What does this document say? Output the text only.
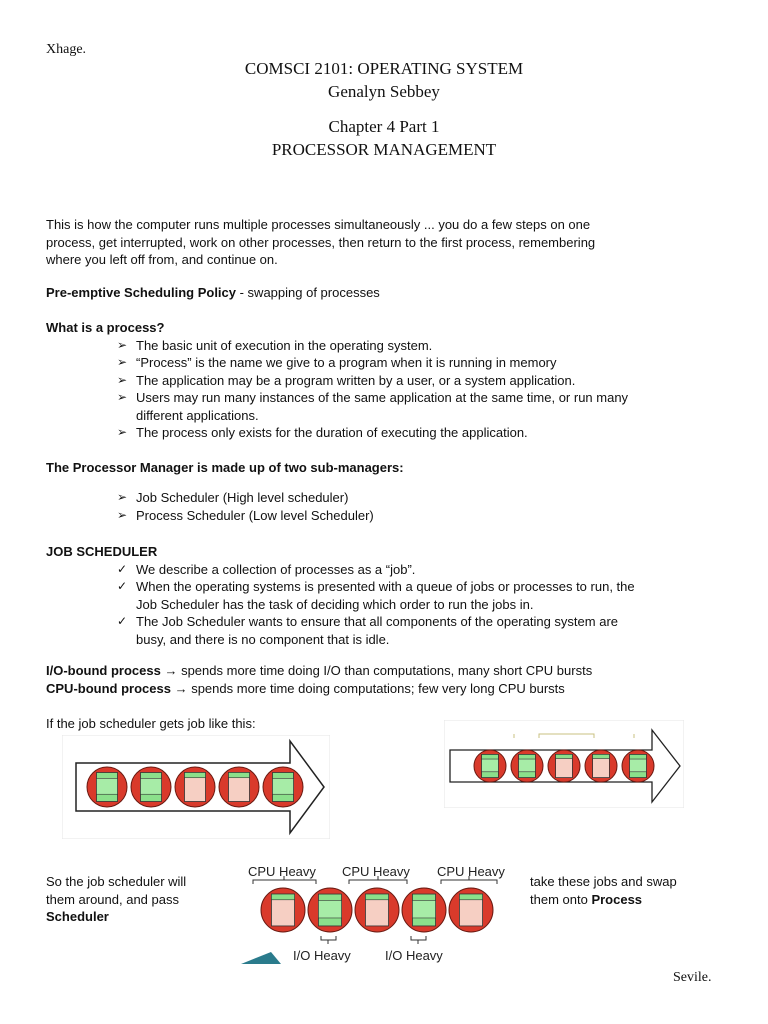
Xhage.
COMSCI 2101: OPERATING SYSTEM
Genalyn Sebbey
Chapter 4 Part 1
PROCESSOR MANAGEMENT
This is how the computer runs multiple processes simultaneously ... you do a few steps on one
process, get interrupted, work on other processes, then return to the first process, remembering
where you left off from, and continue on.
Pre-emptive Scheduling Policy - swapping of processes
What is a process?
➢ The basic unit of execution in the operating system.
➢ “Process” is the name we give to a program when it is running in memory
➢ The application may be a program written by a user, or a system application.
➢ Users may run many instances of the same application at the same time, or run many
different applications.
➢ The process only exists for the duration of executing the application.
The Processor Manager is made up of two sub-managers:
➢ Job Scheduler (High level scheduler)
➢ Process Scheduler (Low level Scheduler)
JOB SCHEDULER
✓ We describe a collection of processes as a “job”.
✓ When the operating systems is presented with a queue of jobs or processes to run, the
Job Scheduler has the task of deciding which order to run the jobs in.
✓ The Job Scheduler wants to ensure that all components of the operating system are
busy, and there is no component that is idle.
I/O-bound process → spends more time doing I/O than computations, many short CPU bursts
CPU-bound process → spends more time doing computations; few very long CPU bursts
If the job scheduler gets job like this:
CPU Heavy CPU Heavy CPU Heavy
I/O Heavy	I/O Heavy
So the job scheduler will
them around, and pass
Scheduler
take these jobs and swap
them onto Process
Sevile.
